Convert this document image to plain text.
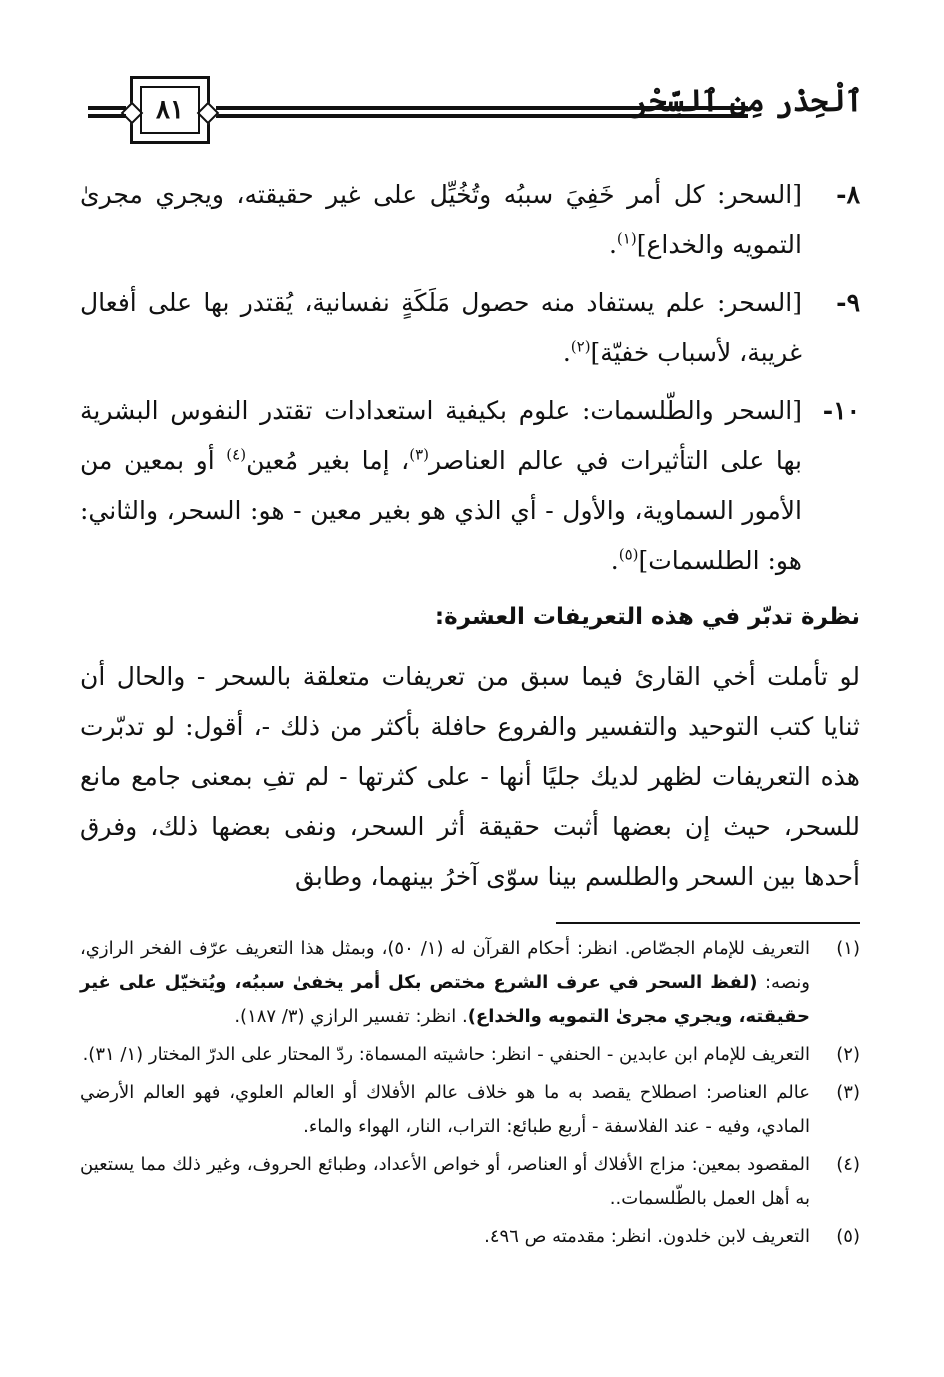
ٱلْحِذْر مِن ٱلسِّحْر
٨١
٨-
[السحر: كل أمر خَفِيَ سببُه وتُخُيِّل على غير حقيقته، ويجري مجرىٰ التمويه والخداع]$^{(١)}$.
٩-
[السحر: علم يستفاد منه حصول مَلَكَةٍ نفسانية، يُقتدر بها على أفعال غريبة، لأسباب خفيّة]$^{(٢)}$.
١٠-
[السحر والطّلسمات: علوم بكيفية استعدادات تقتدر النفوس البشرية بها على التأثيرات في عالم العناصر$^{(٣)}$، إما بغير مُعين$^{(٤)}$ أو بمعين من الأمور السماوية، والأول - أي الذي هو بغير معين - هو: السحر، والثاني: هو: الطلسمات]$^{(٥)}$.
نظرة تدبّر في هذه التعريفات العشرة:
لو تأملت أخي القارئ فيما سبق من تعريفات متعلقة بالسحر - والحال أن ثنايا كتب التوحيد والتفسير والفروع حافلة بأكثر من ذلك -، أقول: لو تدبّرت هذه التعريفات لظهر لديك جليًا أنها - على كثرتها - لم تفِ بمعنى جامع مانع للسحر، حيث إن بعضها أثبت حقيقة أثر السحر، ونفى بعضها ذلك، وفرق أحدها بين السحر والطلسم بينا سوّى آخرُ بينهما، وطابق
(١)
التعريف للإمام الجصّاص. انظر: أحكام القرآن له (١/ ٥٠)، وبمثل هذا التعريف عرّف الفخر الرازي، ونصه: (لفظ السحر في عرف الشرع مختص بكل أمر يخفىٰ سببُه، ويُتخيّل على غير حقيقته، ويجري مجرىٰ التمويه والخداع). انظر: تفسير الرازي (٣/ ١٨٧).
(٢)
التعريف للإمام ابن عابدين - الحنفي - انظر: حاشيته المسماة: ردّ المحتار على الدرّ المختار (١/ ٣١).
(٣)
عالم العناصر: اصطلاح يقصد به ما هو خلاف عالم الأفلاك أو العالم العلوي، فهو العالم الأرضي المادي، وفيه - عند الفلاسفة - أربع طبائع: التراب، النار، الهواء والماء.
(٤)
المقصود بمعين: مزاج الأفلاك أو العناصر، أو خواص الأعداد، وطبائع الحروف، وغير ذلك مما يستعين به أهل العمل بالطّلسمات..
(٥)
التعريف لابن خلدون. انظر: مقدمته ص ٤٩٦.
